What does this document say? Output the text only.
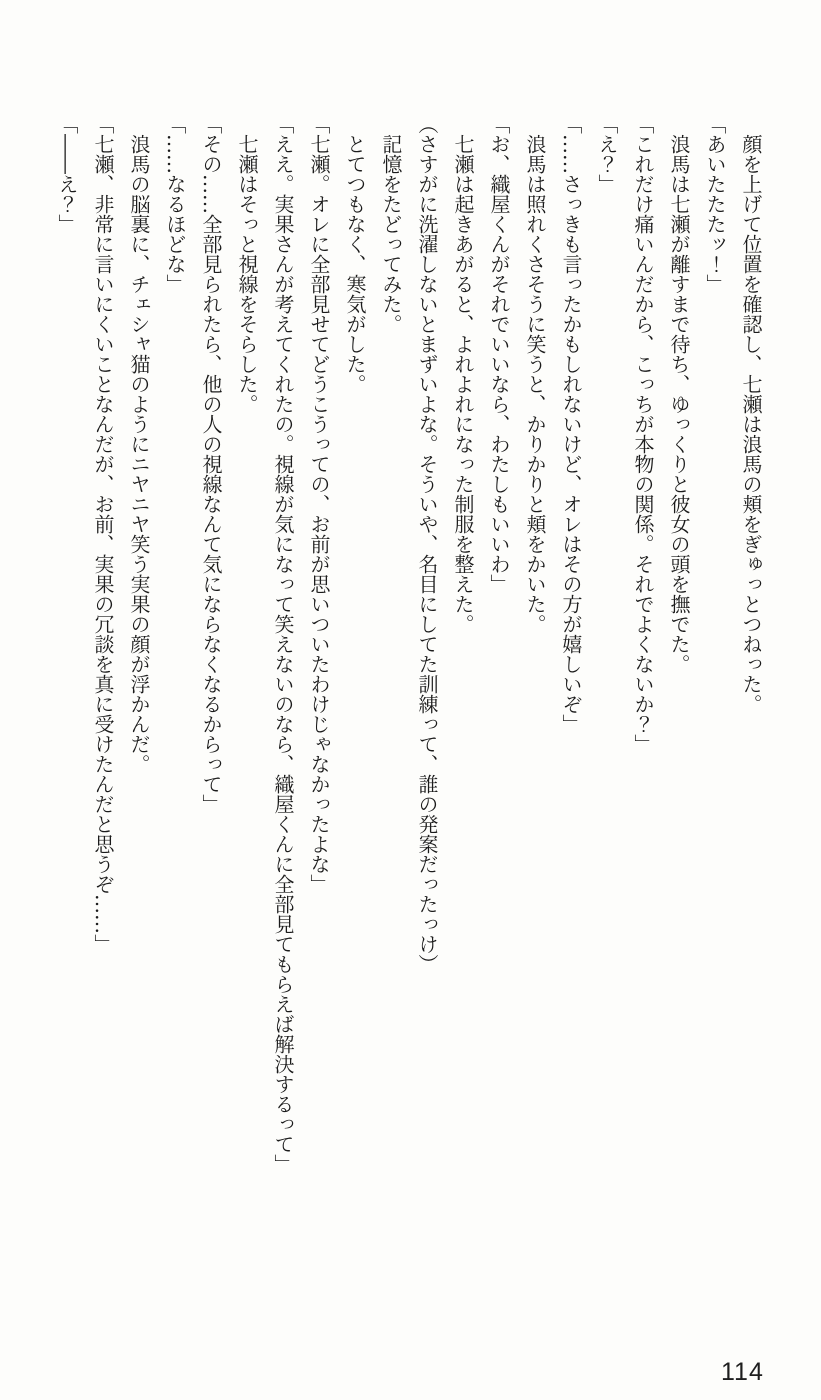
　顔を上げて位置を確認し、七瀬は浪馬の頬をぎゅっとつねった。

「あいたたたッ！」

　浪馬は七瀬が離すまで待ち、ゆっくりと彼女の頭を撫でた。

「これだけ痛いんだから、こっちが本物の関係。それでよくないか？」

「え？」

「……さっきも言ったかもしれないけど、オレはその方が嬉しいぞ」

　浪馬は照れくさそうに笑うと、かりかりと頬をかいた。

「お、織屋くんがそれでいいなら、わたしもいいわ」

　七瀬は起きあがると、よれよれになった制服を整えた。

（さすがに洗濯しないとまずいよな。そういや、名目にしてた訓練って、誰の発案だったっけ）

　記憶をたどってみた。

　とてつもなく、寒気がした。

「七瀬。オレに全部見せてどうこうっての、お前が思いついたわけじゃなかったよな」

「ええ。実果さんが考えてくれたの。視線が気になって笑えないのなら、織屋くんに全部見てもらえば解決するって」

　七瀬はそっと視線をそらした。

「その……全部見られたら、他の人の視線なんて気にならなくなるからって」

「……なるほどな」

　浪馬の脳裏に、チェシャ猫のようにニヤニヤ笑う実果の顔が浮かんだ。

「七瀬、非常に言いにくいことなんだが、お前、実果の冗談を真に受けたんだと思うぞ……」

「――え？」

114
